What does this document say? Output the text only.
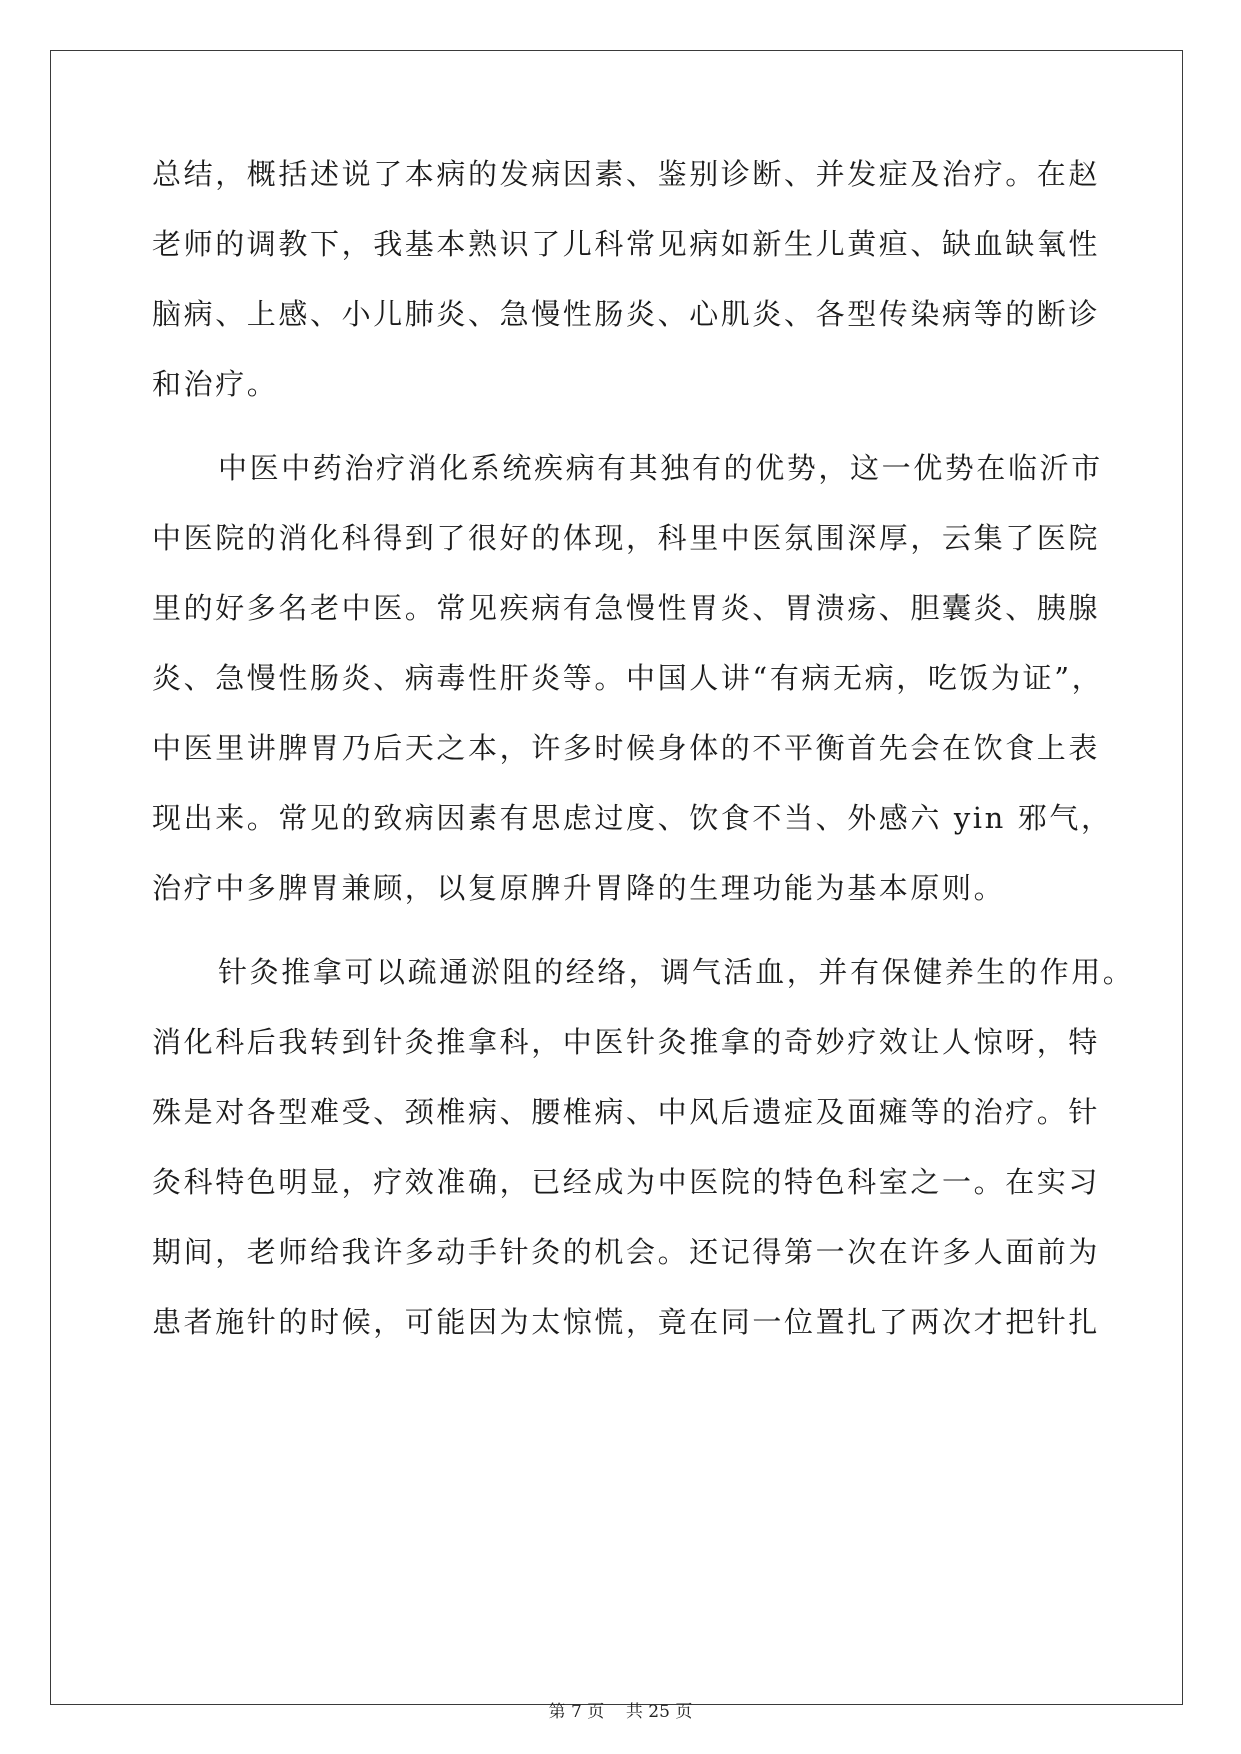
总结，概括述说了本病的发病因素、鉴别诊断、并发症及治疗。在赵

老师的调教下，我基本熟识了儿科常见病如新生儿黄疸、缺血缺氧性

脑病、上感、小儿肺炎、急慢性肠炎、心肌炎、各型传染病等的断诊

和治疗。

中医中药治疗消化系统疾病有其独有的优势，这一优势在临沂市

中医院的消化科得到了很好的体现，科里中医氛围深厚，云集了医院

里的好多名老中医。常见疾病有急慢性胃炎、胃溃疡、胆囊炎、胰腺

炎、急慢性肠炎、病毒性肝炎等。中国人讲“有病无病，吃饭为证”，

中医里讲脾胃乃后天之本，许多时候身体的不平衡首先会在饮食上表

现出来。常见的致病因素有思虑过度、饮食不当、外感六 yin 邪气，

治疗中多脾胃兼顾，以复原脾升胃降的生理功能为基本原则。

针灸推拿可以疏通淤阻的经络，调气活血，并有保健养生的作用。

消化科后我转到针灸推拿科，中医针灸推拿的奇妙疗效让人惊呀，特

殊是对各型难受、颈椎病、腰椎病、中风后遗症及面瘫等的治疗。针

灸科特色明显，疗效准确，已经成为中医院的特色科室之一。在实习

期间，老师给我许多动手针灸的机会。还记得第一次在许多人面前为

患者施针的时候，可能因为太惊慌，竟在同一位置扎了两次才把针扎

第 7 页 共 25 页
